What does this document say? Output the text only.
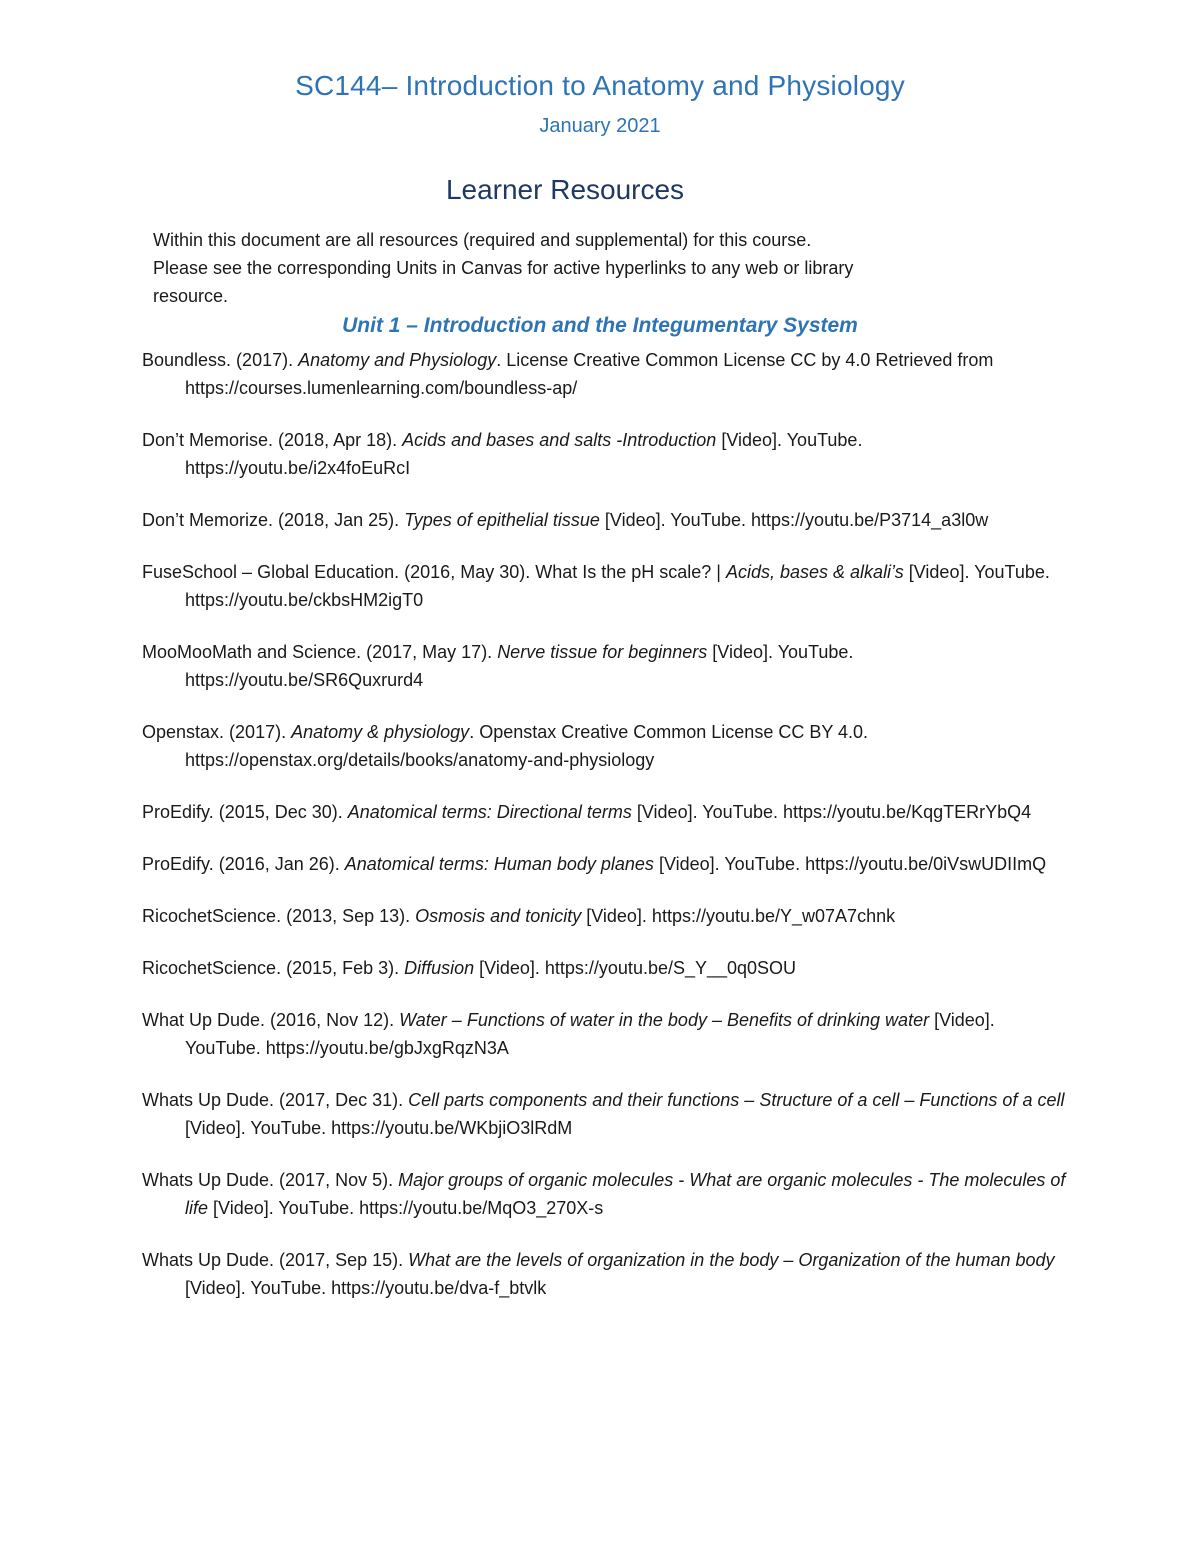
SC144– Introduction to Anatomy and Physiology
January 2021
Learner Resources
Within this document are all resources (required and supplemental) for this course.
Please see the corresponding Units in Canvas for active hyperlinks to any web or library
resource.
Unit 1 – Introduction and the Integumentary System

Boundless. (2017). Anatomy and Physiology. License Creative Common License CC by 4.0 Retrieved from https://courses.lumenlearning.com/boundless-ap/

Don’t Memorise. (2018, Apr 18). Acids and bases and salts -Introduction [Video]. YouTube. https://youtu.be/i2x4foEuRcI

Don’t Memorize. (2018, Jan 25). Types of epithelial tissue [Video]. YouTube. https://youtu.be/P3714_a3l0w

FuseSchool – Global Education. (2016, May 30). What Is the pH scale? | Acids, bases & alkali’s [Video]. YouTube. https://youtu.be/ckbsHM2igT0

MooMooMath and Science. (2017, May 17). Nerve tissue for beginners [Video]. YouTube. https://youtu.be/SR6Quxrurd4

Openstax. (2017). Anatomy & physiology. Openstax Creative Common License CC BY 4.0. https://openstax.org/details/books/anatomy-and-physiology

ProEdify. (2015, Dec 30). Anatomical terms: Directional terms [Video]. YouTube. https://youtu.be/KqgTERrYbQ4

ProEdify. (2016, Jan 26). Anatomical terms: Human body planes [Video]. YouTube. https://youtu.be/0iVswUDIImQ

RicochetScience. (2013, Sep 13). Osmosis and tonicity [Video]. https://youtu.be/Y_w07A7chnk

RicochetScience. (2015, Feb 3). Diffusion [Video]. https://youtu.be/S_Y__0q0SOU

What Up Dude. (2016, Nov 12). Water – Functions of water in the body – Benefits of drinking water [Video]. YouTube. https://youtu.be/gbJxgRqzN3A

Whats Up Dude. (2017, Dec 31). Cell parts components and their functions – Structure of a cell – Functions of a cell [Video]. YouTube. https://youtu.be/WKbjiO3lRdM

Whats Up Dude. (2017, Nov 5). Major groups of organic molecules - What are organic molecules - The molecules of life [Video]. YouTube. https://youtu.be/MqO3_270X-s

Whats Up Dude. (2017, Sep 15). What are the levels of organization in the body – Organization of the human body [Video]. YouTube. https://youtu.be/dva-f_btvlk
